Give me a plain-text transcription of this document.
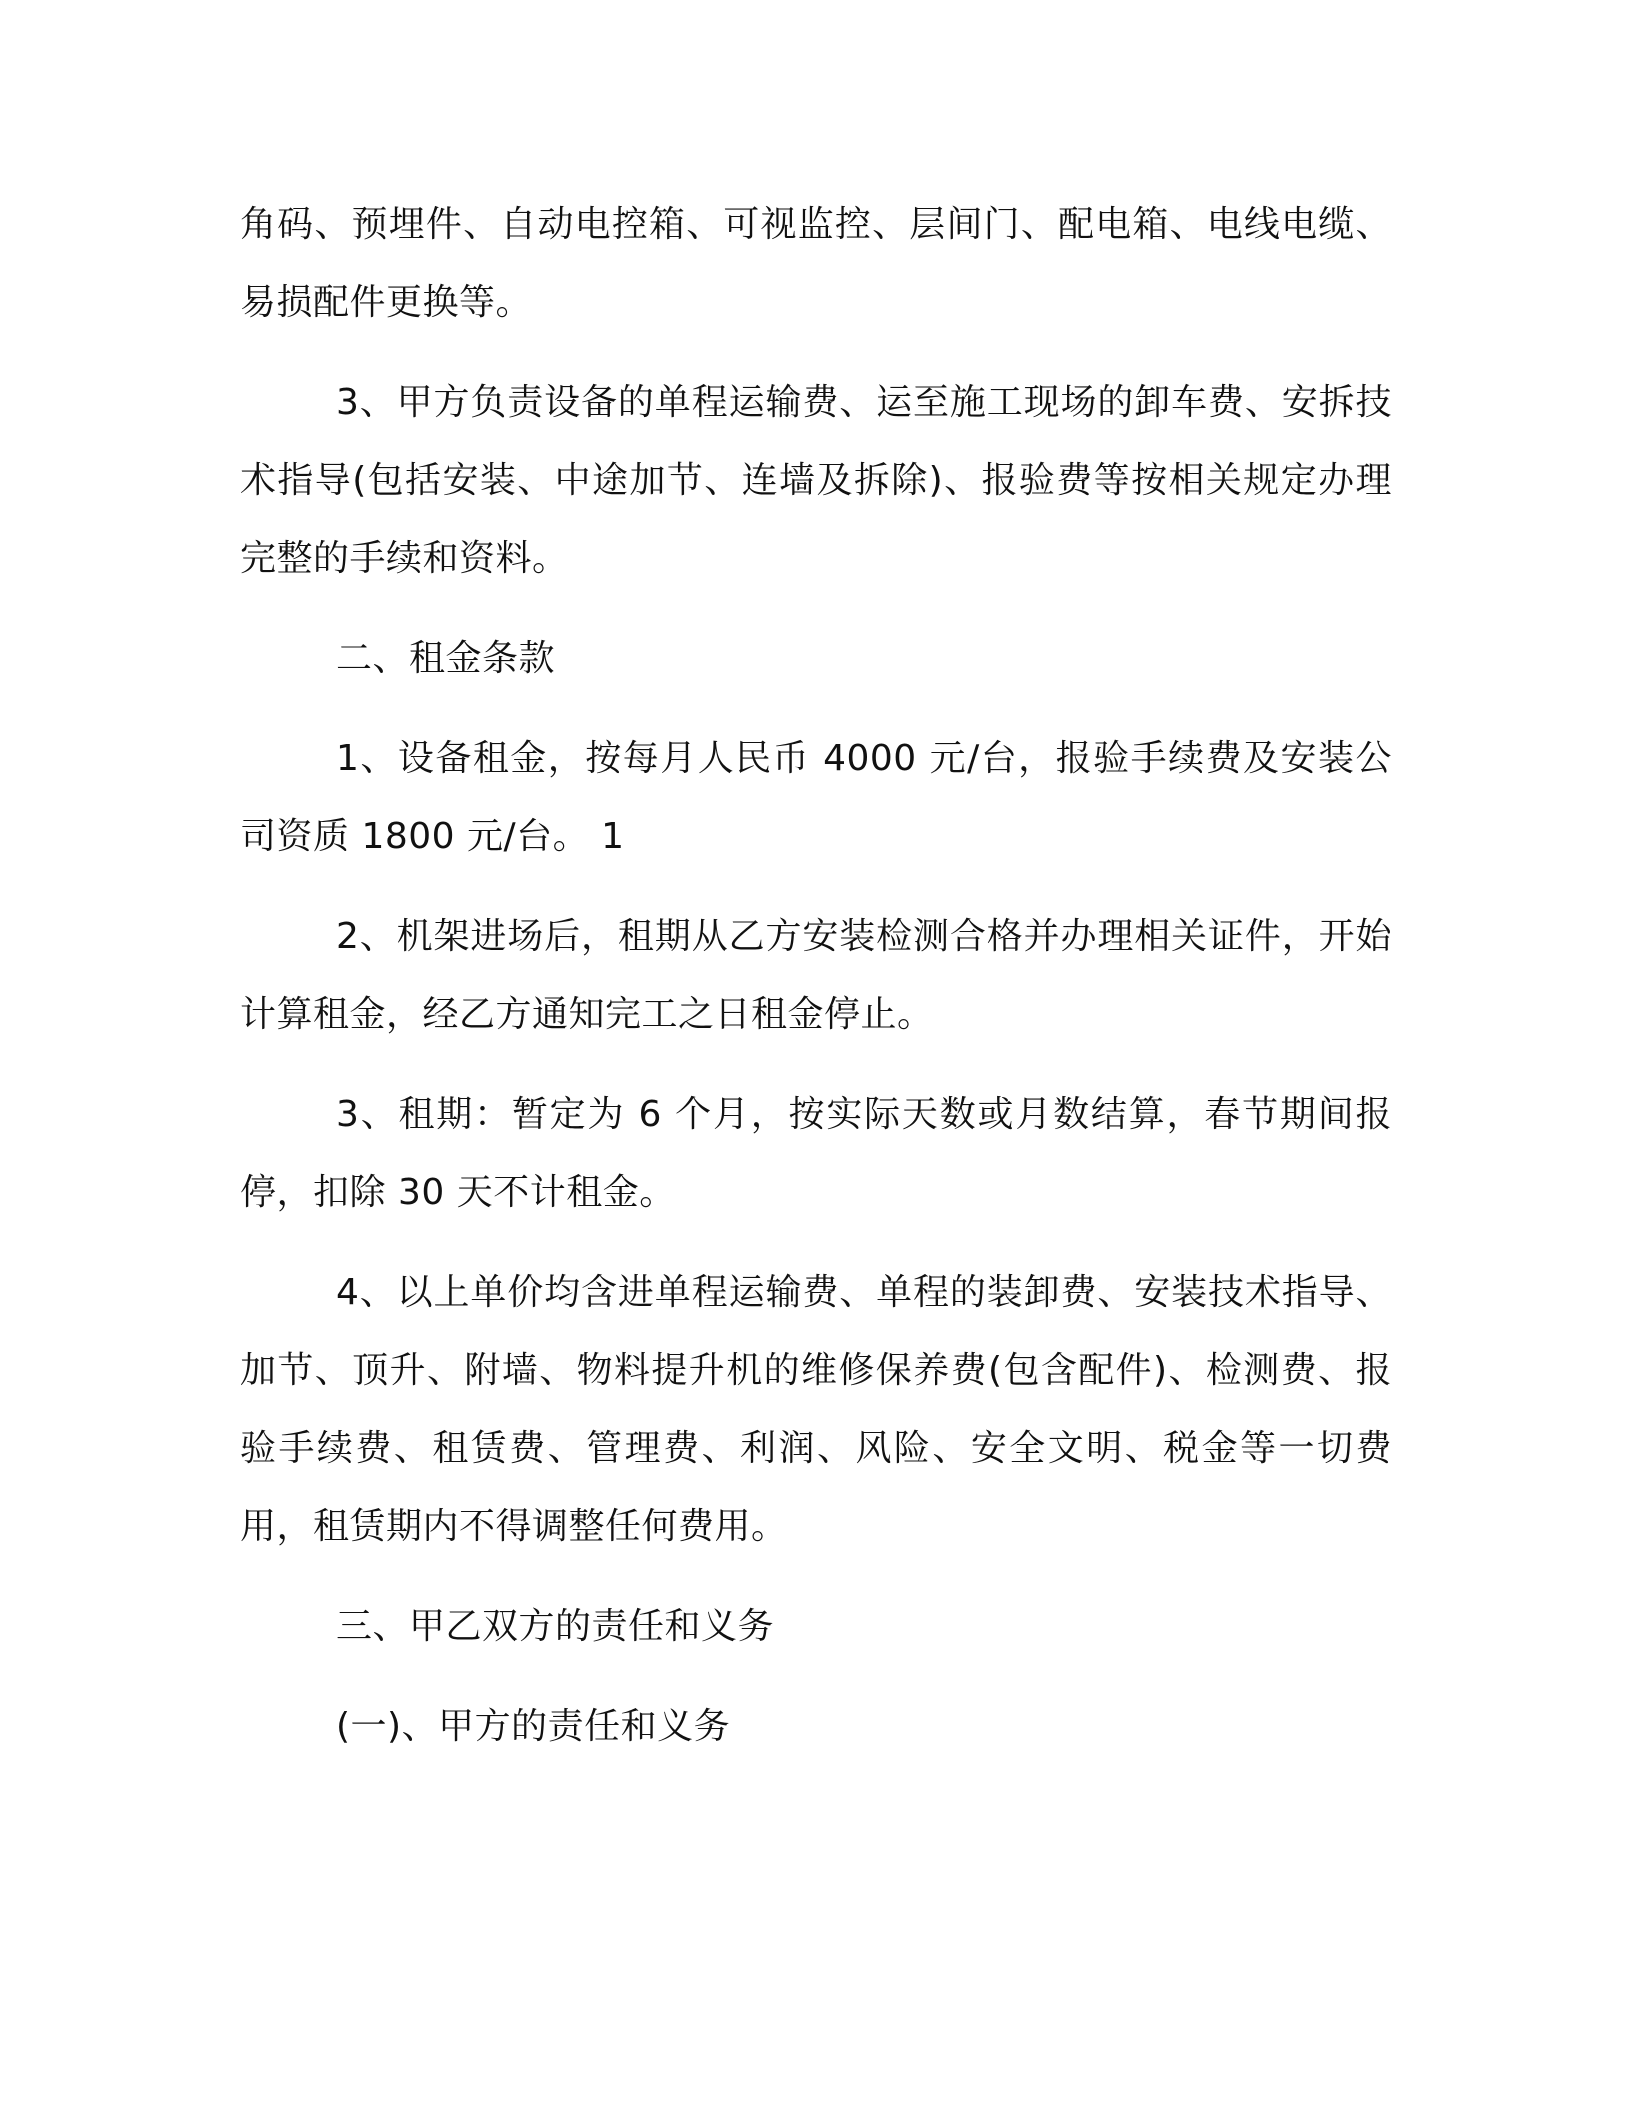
角码、预埋件、自动电控箱、可视监控、层间门、配电箱、电线电缆、易损配件更换等。

3、甲方负责设备的单程运输费、运至施工现场的卸车费、安拆技术指导(包括安装、中途加节、连墙及拆除)、报验费等按相关规定办理完整的手续和资料。

二、租金条款

1、设备租金，按每月人民币 4000 元/台，报验手续费及安装公司资质 1800 元/台。 1

2、机架进场后，租期从乙方安装检测合格并办理相关证件，开始计算租金，经乙方通知完工之日租金停止。

3、租期：暂定为 6 个月，按实际天数或月数结算，春节期间报停，扣除 30 天不计租金。

4、以上单价均含进单程运输费、单程的装卸费、安装技术指导、加节、顶升、附墙、物料提升机的维修保养费(包含配件)、检测费、报验手续费、租赁费、管理费、利润、风险、安全文明、税金等一切费用，租赁期内不得调整任何费用。

三、甲乙双方的责任和义务

(一)、甲方的责任和义务
